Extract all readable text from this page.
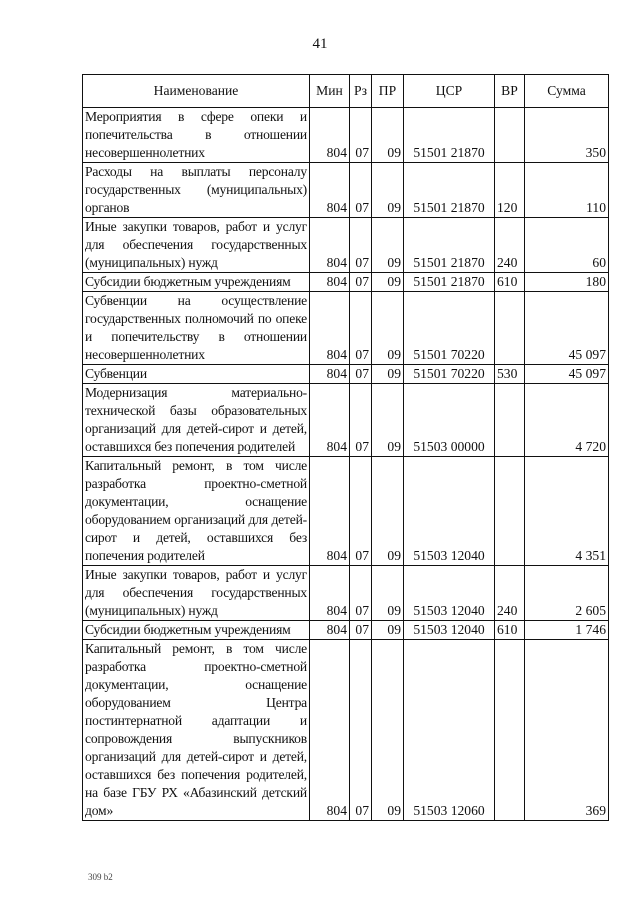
41
Наименование	Мин	Рз	ПР	ЦСР	ВР	Сумма
Мероприятия в сфере опеки и попечительства в отношении несовершеннолетних	804	07	09	51501 21870		350
Расходы на выплаты персоналу государственных (муниципальных) органов	804	07	09	51501 21870	120	110
Иные закупки товаров, работ и услуг для обеспечения государственных (муниципальных) нужд	804	07	09	51501 21870	240	60
Субсидии бюджетным учреждениям	804	07	09	51501 21870	610	180
Субвенции на осуществление государственных полномочий по опеке и попечительству в отношении несовершеннолетних	804	07	09	51501 70220		45 097
Субвенции	804	07	09	51501 70220	530	45 097
Модернизация материально-технической базы образовательных организаций для детей-сирот и детей, оставшихся без попечения родителей	804	07	09	51503 00000		4 720
Капитальный ремонт, в том числе разработка проектно-сметной документации, оснащение оборудованием организаций для детей-сирот и детей, оставшихся без попечения родителей	804	07	09	51503 12040		4 351
Иные закупки товаров, работ и услуг для обеспечения государственных (муниципальных) нужд	804	07	09	51503 12040	240	2 605
Субсидии бюджетным учреждениям	804	07	09	51503 12040	610	1 746
Капитальный ремонт, в том числе разработка проектно-сметной документации, оснащение оборудованием Центра постинтернатной адаптации и сопровождения выпускников организаций для детей-сирот и детей, оставшихся без попечения родителей, на базе ГБУ РХ «Абазинский детский дом»	804	07	09	51503 12060		369
309 b2
